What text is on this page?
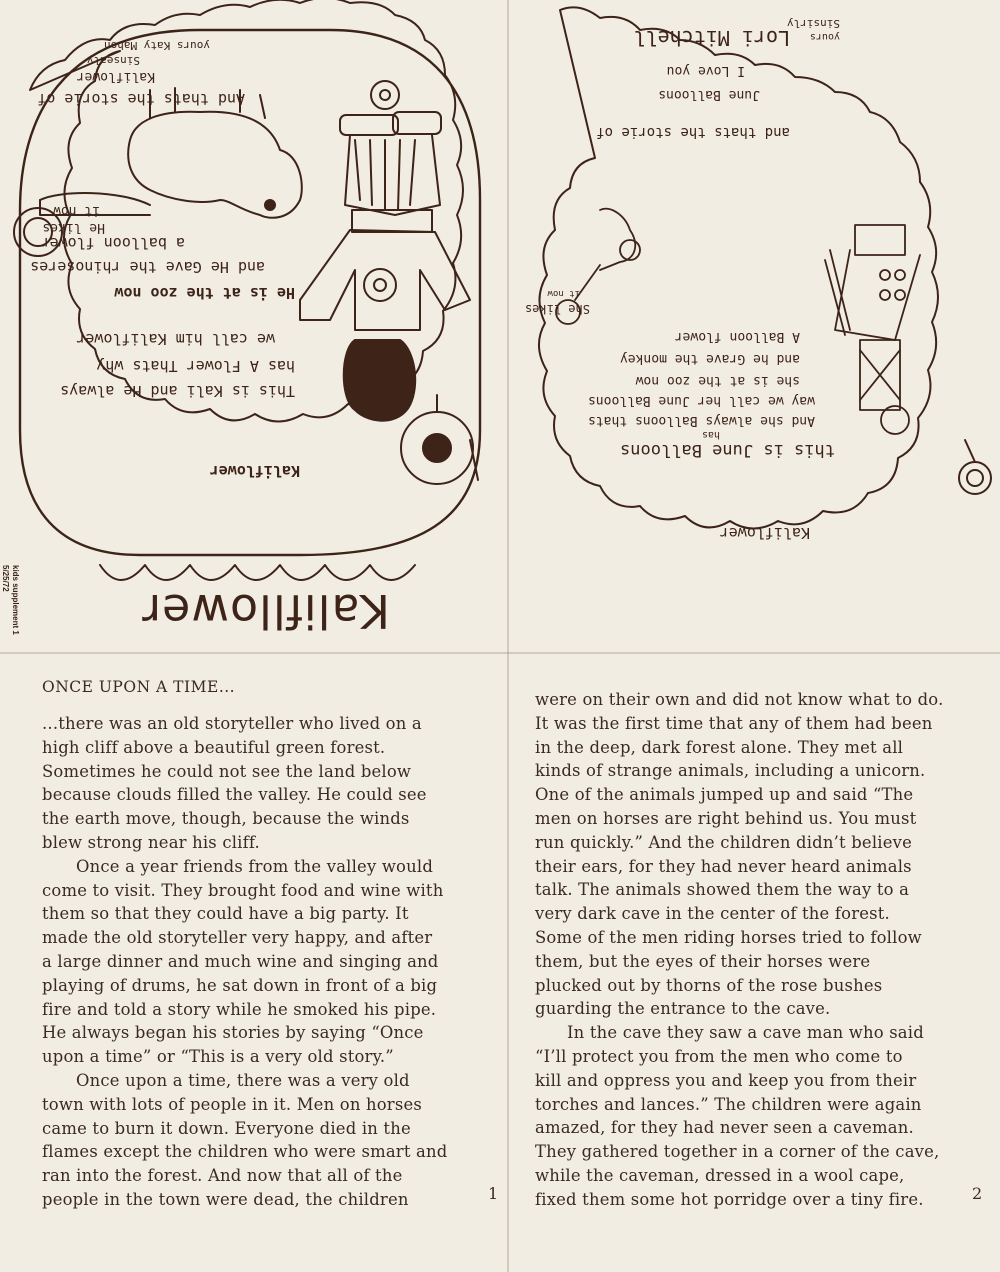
Kalifllower
Kaliflower
This is Kali and He always
has A Flower Thats why
we call him Kaliflower
He is at the zoo now
and He Gave the rhinoseres
a balloon flower
He likes
it now
And thats the storie of
Kaliflower
Sinsealy
yours Katy Mahon
Kaliflower
this is June Balloons
has
And she always Balloons thats
way we call her June Balloons
she is at the zoo now
and he Grave the monkey
A Balloon flower
She likes
it now
and thats the storie of
June Balloons
I Love you
Sinsirly
yours
Lori Mitchell
kids supplement 1
5/25/72
ONCE UPON A TIME...
...there was an old storyteller who lived on a
high cliff above a beautiful green forest.
Sometimes he could not see the land below
because clouds filled the valley. He could see
the earth move, though, because the winds
blew strong near his cliff.
Once a year friends from the valley would
come to visit. They brought food and wine with
them so that they could have a big party. It
made the old storyteller very happy, and after
a large dinner and much wine and singing and
playing of drums, he sat down in front of a big
fire and told a story while he smoked his pipe.
He always began his stories by saying “Once
upon a time” or “This is a very old story.”
Once upon a time, there was a very old
town with lots of people in it. Men on horses
came to burn it down. Everyone died in the
flames except the children who were smart and
ran into the forest. And now that all of the
people in the town were dead, the children	1
were on their own and did not know what to do.
It was the first time that any of them had been
in the deep, dark forest alone. They met all
kinds of strange animals, including a unicorn.
One of the animals jumped up and said “The
men on horses are right behind us. You must
run quickly.” And the children didn’t believe
their ears, for they had never heard animals
talk. The animals showed them the way to a
very dark cave in the center of the forest.
Some of the men riding horses tried to follow
them, but the eyes of their horses were
plucked out by thorns of the rose bushes
guarding the entrance to the cave.
In the cave they saw a cave man who said
“I’ll protect you from the men who come to
kill and oppress you and keep you from their
torches and lances.” The children were again
amazed, for they had never seen a caveman.
They gathered together in a corner of the cave,
while the caveman, dressed in a wool cape,
fixed them some hot porridge over a tiny fire.	2
